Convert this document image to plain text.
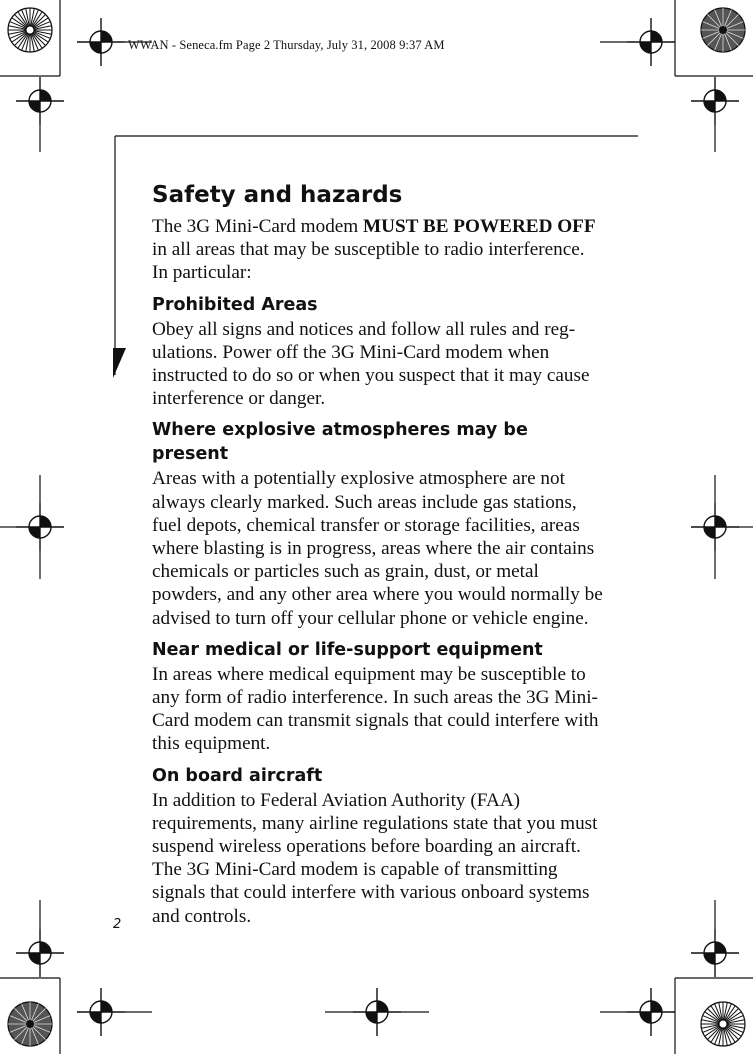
WWAN - Seneca.fm Page 2 Thursday, July 31, 2008 9:37 AM
Safety and hazards

The 3G Mini-Card modem MUST BE POWERED OFF in all areas that may be susceptible to radio interference. In particular:

Prohibited Areas

Obey all signs and notices and follow all rules and regulations. Power off the 3G Mini-Card modem when instructed to do so or when you suspect that it may cause interference or danger.

Where explosive atmospheres may be present

Areas with a potentially explosive atmosphere are not always clearly marked. Such areas include gas stations, fuel depots, chemical transfer or storage facilities, areas where blasting is in progress, areas where the air contains chemicals or particles such as grain, dust, or metal powders, and any other area where you would normally be advised to turn off your cellular phone or vehicle engine.

Near medical or life-support equipment

In areas where medical equipment may be susceptible to any form of radio interference. In such areas the 3G Mini-Card modem can transmit signals that could interfere with this equipment.

On board aircraft

In addition to Federal Aviation Authority (FAA) requirements, many airline regulations state that you must suspend wireless operations before boarding an aircraft. The 3G Mini-Card modem is capable of transmitting signals that could interfere with various onboard systems and controls.

2
